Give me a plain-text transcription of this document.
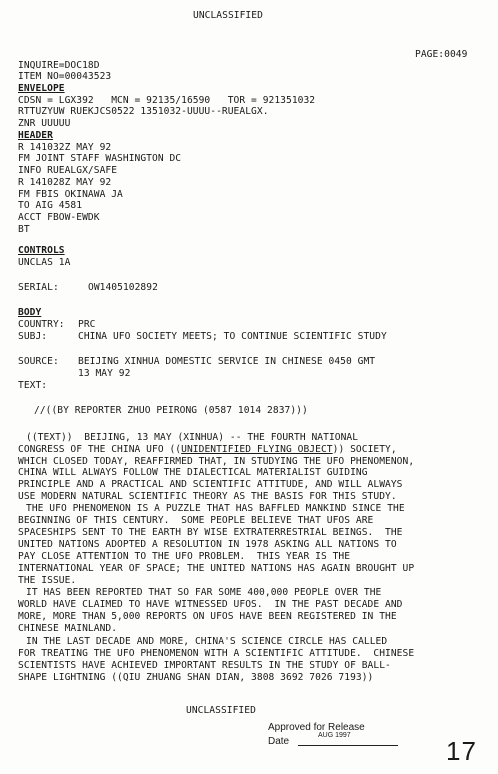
UNCLASSIFIED
PAGE:0049
INQUIRE=DOC18D
ITEM NO=00043523
ENVELOPE
CDSN = LGX392   MCN = 92135/16590   TOR = 921351032
RTTUZYUW RUEKJCS0522 1351032-UUUU--RUEALGX.
ZNR UUUUU
HEADER
R 141032Z MAY 92
FM JOINT STAFF WASHINGTON DC
INFO RUEALGX/SAFE
R 141028Z MAY 92
FM FBIS OKINAWA JA
TO AIG 4581
ACCT FBOW-EWDK
BT
CONTROLS
UNCLAS 1A
SERIAL:	OW1405102892
BODY
COUNTRY: PRC
SUBJ:	CHINA UFO SOCIETY MEETS; TO CONTINUE SCIENTIFIC STUDY
SOURCE: BEIJING XINHUA DOMESTIC SERVICE IN CHINESE 0450 GMT
13 MAY 92
TEXT:
//((BY REPORTER ZHUO PEIRONG (0587 1014 2837)))
((TEXT))  BEIJING, 13 MAY (XINHUA) -- THE FOURTH NATIONAL
CONGRESS OF THE CHINA UFO ((UNIDENTIFIED FLYING OBJECT)) SOCIETY,
WHICH CLOSED TODAY, REAFFIRMED THAT, IN STUDYING THE UFO PHENOMENON,
CHINA WILL ALWAYS FOLLOW THE DIALECTICAL MATERIALIST GUIDING
PRINCIPLE AND A PRACTICAL AND SCIENTIFIC ATTITUDE, AND WILL ALWAYS
USE MODERN NATURAL SCIENTIFIC THEORY AS THE BASIS FOR THIS STUDY.
THE UFO PHENOMENON IS A PUZZLE THAT HAS BAFFLED MANKIND SINCE THE
BEGINNING OF THIS CENTURY.  SOME PEOPLE BELIEVE THAT UFOS ARE
SPACESHIPS SENT TO THE EARTH BY WISE EXTRATERRESTRIAL BEINGS.  THE
UNITED NATIONS ADOPTED A RESOLUTION IN 1978 ASKING ALL NATIONS TO
PAY CLOSE ATTENTION TO THE UFO PROBLEM.  THIS YEAR IS THE
INTERNATIONAL YEAR OF SPACE; THE UNITED NATIONS HAS AGAIN BROUGHT UP
THE ISSUE.
IT HAS BEEN REPORTED THAT SO FAR SOME 400,000 PEOPLE OVER THE
WORLD HAVE CLAIMED TO HAVE WITNESSED UFOS.  IN THE PAST DECADE AND
MORE, MORE THAN 5,000 REPORTS ON UFOS HAVE BEEN REGISTERED IN THE
CHINESE MAINLAND.
IN THE LAST DECADE AND MORE, CHINA'S SCIENCE CIRCLE HAS CALLED
FOR TREATING THE UFO PHENOMENON WITH A SCIENTIFIC ATTITUDE.  CHINESE
SCIENTISTS HAVE ACHIEVED IMPORTANT RESULTS IN THE STUDY OF BALL-
SHAPE LIGHTNING ((QIU ZHUANG SHAN DIAN, 3808 3692 7026 7193))
UNCLASSIFIED
Approved for Release
AUG 1997
Date	17
